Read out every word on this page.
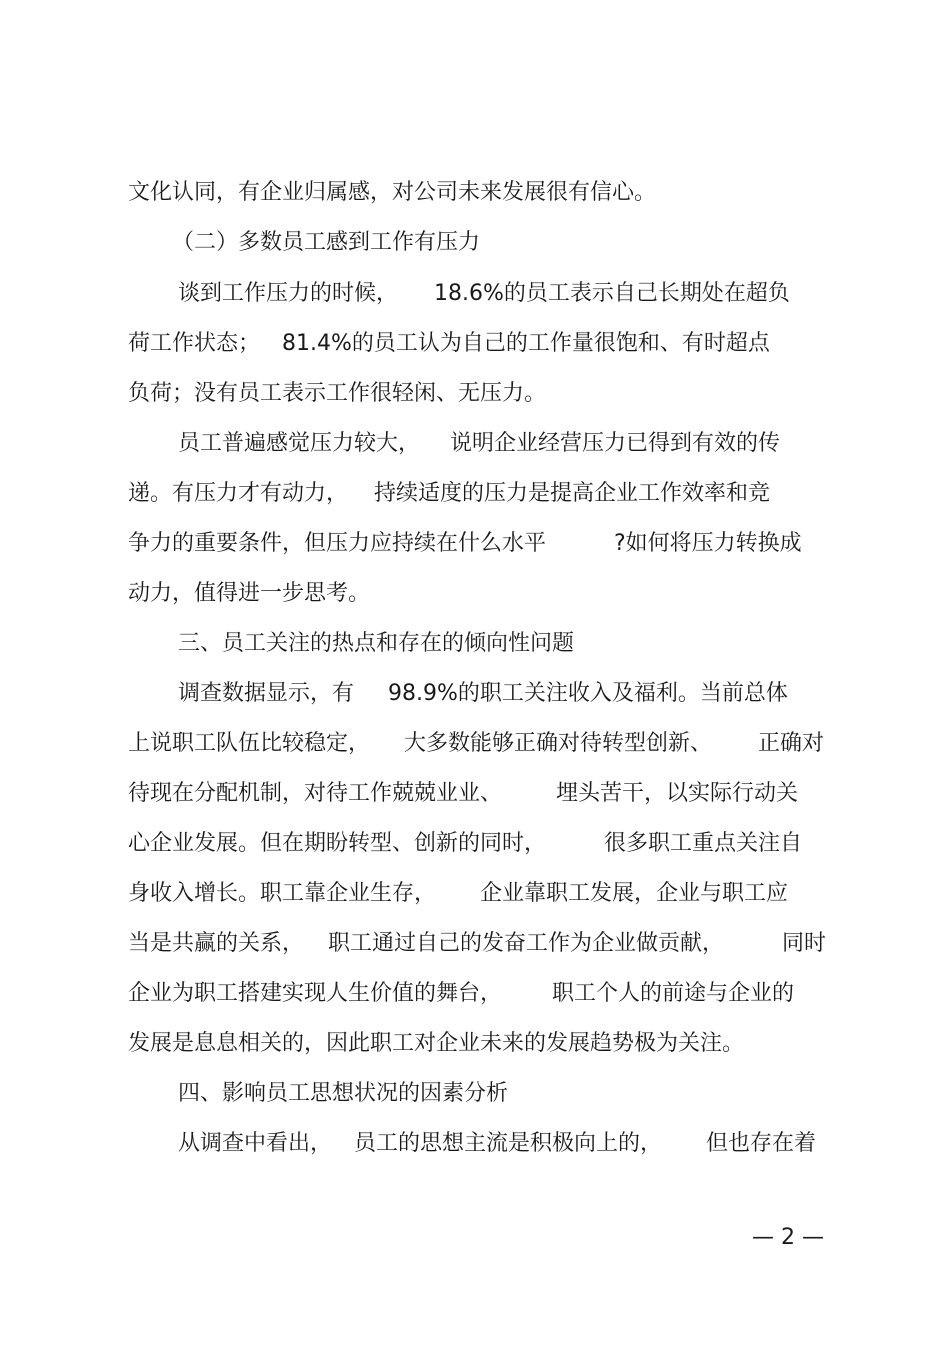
文化认同，有企业归属感，对公司未来发展很有信心。
（二）多数员工感到工作有压力
谈到工作压力的时候， 18.6%的员工表示自己长期处在超负
荷工作状态； 81.4%的员工认为自己的工作量很饱和、有时超点
负荷；没有员工表示工作很轻闲、无压力。
员工普遍感觉压力较大， 说明企业经营压力已得到有效的传
递。有压力才有动力， 持续适度的压力是提高企业工作效率和竞
争力的重要条件，但压力应持续在什么水平	?如何将压力转换成
动力，值得进一步思考。
三、员工关注的热点和存在的倾向性问题
调查数据显示，有 98.9%的职工关注收入及福利。当前总体
上说职工队伍比较稳定， 大多数能够正确对待转型创新、 正确对
待现在分配机制，对待工作兢兢业业、 埋头苦干，以实际行动关
心企业发展。但在期盼转型、创新的同时，	很多职工重点关注自
身收入增长。职工靠企业生存， 企业靠职工发展，企业与职工应
当是共赢的关系， 职工通过自己的发奋工作为企业做贡献，	同时
企业为职工搭建实现人生价值的舞台， 职工个人的前途与企业的
发展是息息相关的，因此职工对企业未来的发展趋势极为关注。
四、影响员工思想状况的因素分析
从调查中看出， 员工的思想主流是积极向上的， 但也存在着
— 2 —
